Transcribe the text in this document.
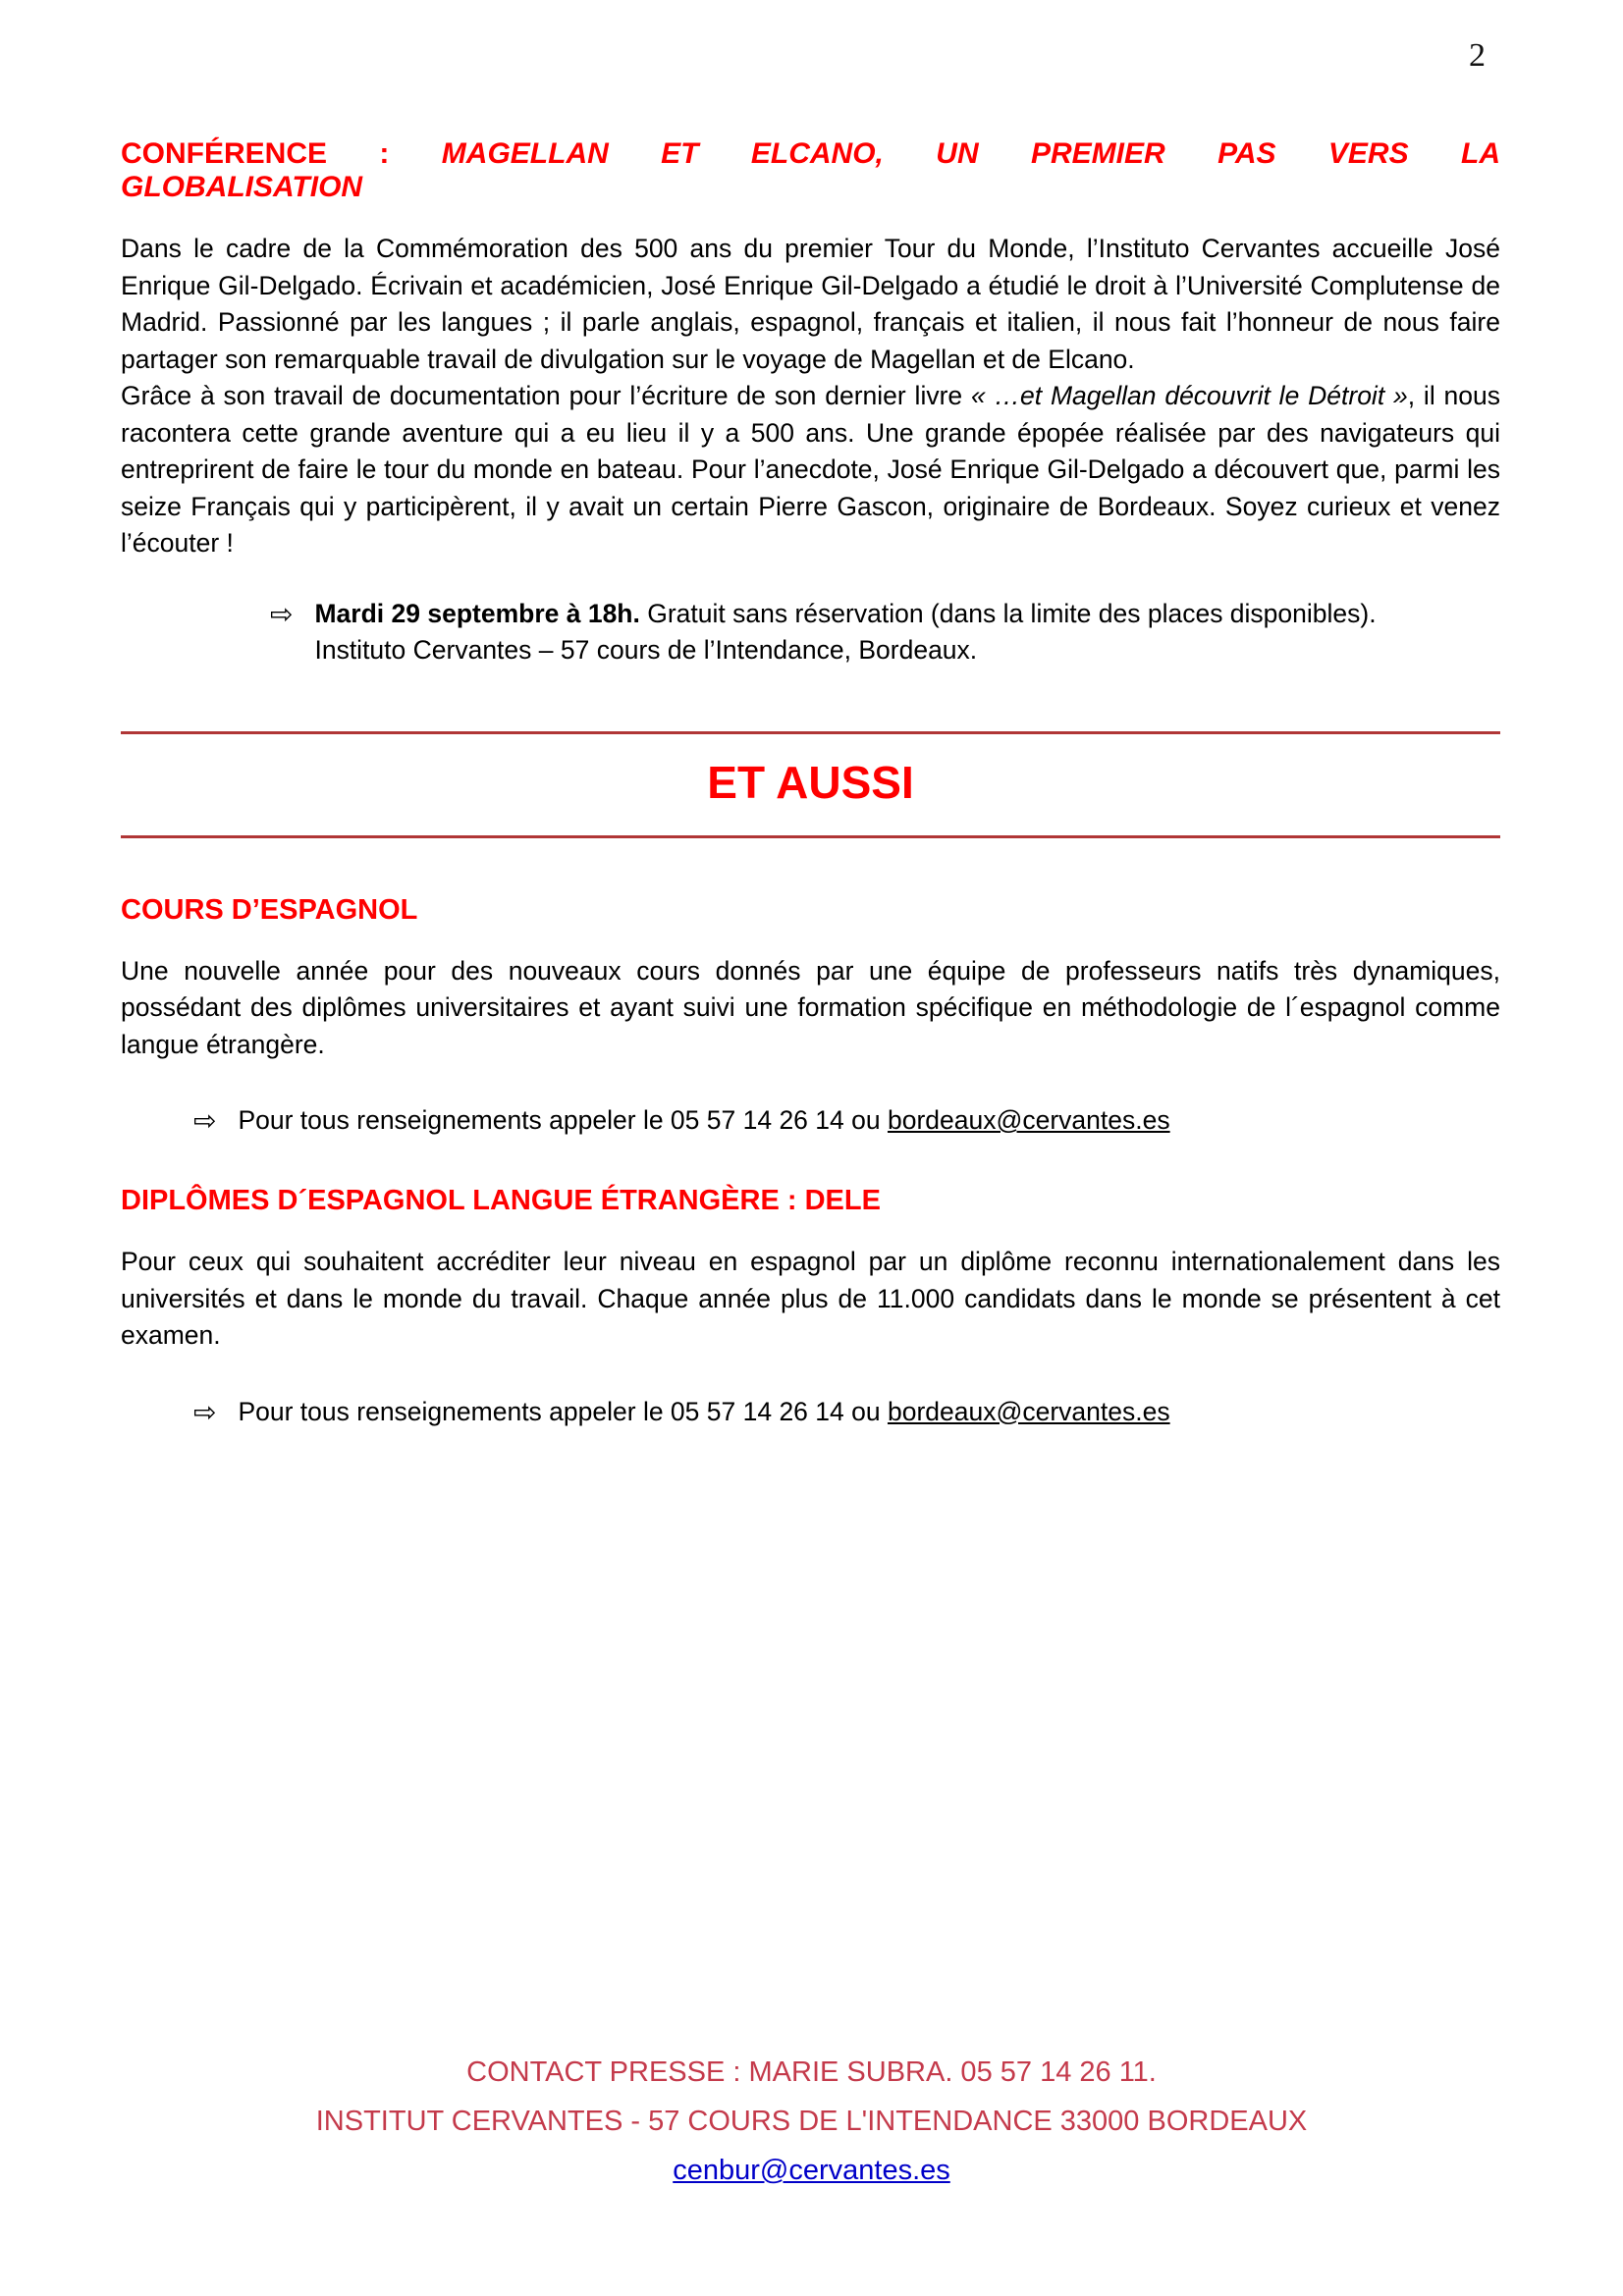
2
CONFÉRENCE : MAGELLAN ET ELCANO, UN PREMIER PAS VERS LA
GLOBALISATION

Dans le cadre de la Commémoration des 500 ans du premier Tour du Monde, l’Instituto Cervantes accueille José Enrique Gil-Delgado. Écrivain et académicien, José Enrique Gil-Delgado a étudié le droit à l’Université Complutense de Madrid. Passionné par les langues ; il parle anglais, espagnol, français et italien, il nous fait l’honneur de nous faire partager son remarquable travail de divulgation sur le voyage de Magellan et de Elcano.

Grâce à son travail de documentation pour l’écriture de son dernier livre « …et Magellan découvrit le Détroit », il nous racontera cette grande aventure qui a eu lieu il y a 500 ans. Une grande épopée réalisée par des navigateurs qui entreprirent de faire le tour du monde en bateau. Pour l’anecdote, José Enrique Gil-Delgado a découvert que, parmi les seize Français qui y participèrent, il y avait un certain Pierre Gascon, originaire de Bordeaux. Soyez curieux et venez l’écouter !

⇨ Mardi 29 septembre à 18h. Gratuit sans réservation (dans la limite des places disponibles).
Instituto Cervantes – 57 cours de l’Intendance, Bordeaux.
ET AUSSI
COURS D’ESPAGNOL

Une nouvelle année pour des nouveaux cours donnés par une équipe de professeurs natifs très dynamiques, possédant des diplômes universitaires et ayant suivi une formation spécifique en méthodologie de l´espagnol comme langue étrangère.

⇨ Pour tous renseignements appeler le 05 57 14 26 14 ou bordeaux@cervantes.es
DIPLÔMES D´ESPAGNOL LANGUE ÉTRANGÈRE : DELE

Pour ceux qui souhaitent accréditer leur niveau en espagnol par un diplôme reconnu internationalement dans les universités et dans le monde du travail. Chaque année plus de 11.000 candidats dans le monde se présentent à cet examen.

⇨ Pour tous renseignements appeler le 05 57 14 26 14 ou bordeaux@cervantes.es
CONTACT PRESSE : MARIE SUBRA. 05 57 14 26 11.
INSTITUT CERVANTES - 57 COURS DE L'INTENDANCE 33000 BORDEAUX
cenbur@cervantes.es
